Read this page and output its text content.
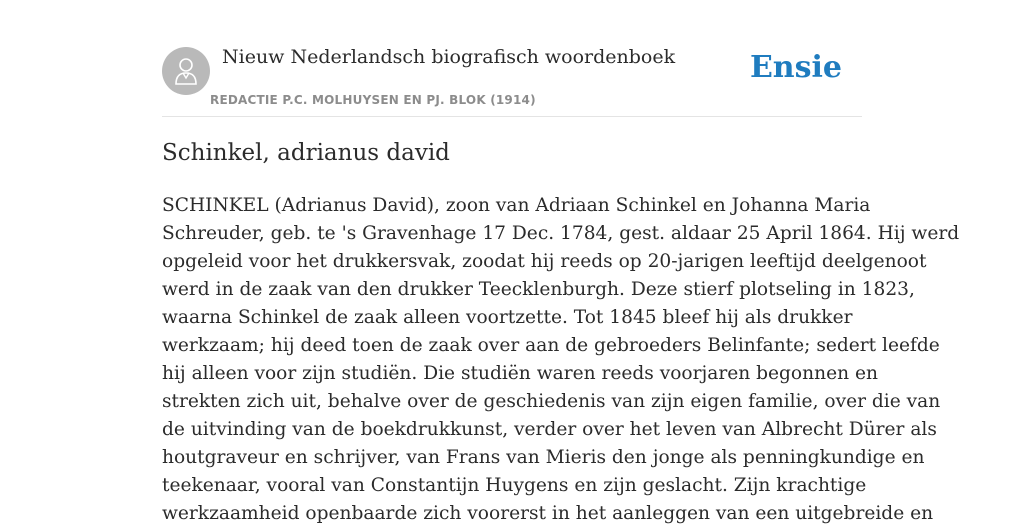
Nieuw Nederlandsch biografisch woordenboek
REDACTIE P.C. MOLHUYSEN EN PJ. BLOK (1914)
Ensie
Schinkel, adrianus david

SCHINKEL (Adrianus David), zoon van Adriaan Schinkel en Johanna Maria
Schreuder, geb. te 's Gravenhage 17 Dec. 1784, gest. aldaar 25 April 1864. Hij werd
opgeleid voor het drukkersvak, zoodat hij reeds op 20-jarigen leeftijd deelgenoot
werd in de zaak van den drukker Teecklenburgh. Deze stierf plotseling in 1823,
waarna Schinkel de zaak alleen voortzette. Tot 1845 bleef hij als drukker
werkzaam; hij deed toen de zaak over aan de gebroeders Belinfante; sedert leefde
hij alleen voor zijn studiën. Die studiën waren reeds voorjaren begonnen en
strekten zich uit, behalve over de geschiedenis van zijn eigen familie, over die van
de uitvinding van de boekdrukkunst, verder over het leven van Albrecht Dürer als
houtgraveur en schrijver, van Frans van Mieris den jonge als penningkundige en
teekenaar, vooral van Constantijn Huygens en zijn geslacht. Zijn krachtige
werkzaamheid openbaarde zich voorerst in het aanleggen van een uitgebreide en
